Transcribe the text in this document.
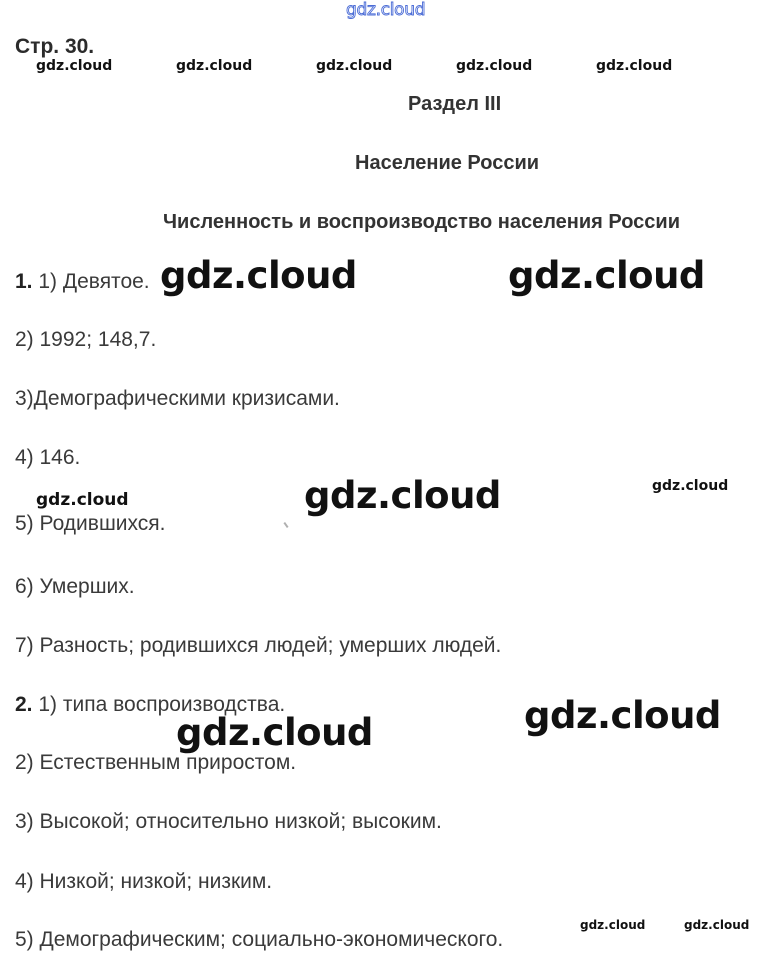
gdz.cloud
Стр. 30.
gdz.cloud	gdz.cloud	gdz.cloud	gdz.cloud	gdz.cloud
Раздел III
Население России
Численность и воспроизводство населения России
1. 1) Девятое.
2) 1992; 148,7.
3)Демографическими кризисами.
4) 146.
5) Родившихся.
6) Умерших.
7) Разность; родившихся людей; умерших людей.
2. 1) типа воспроизводства.
2) Естественным приростом.
3) Высокой; относительно низкой; высоким.
4) Низкой; низкой; низким.
5) Демографическим; социально-экономического.
gdz.cloud	gdz.cloud
gdz.cloud
gdz.cloud
gdz.cloud
gdz.cloud
gdz.cloud
gdz.cloud	gdz.cloud
